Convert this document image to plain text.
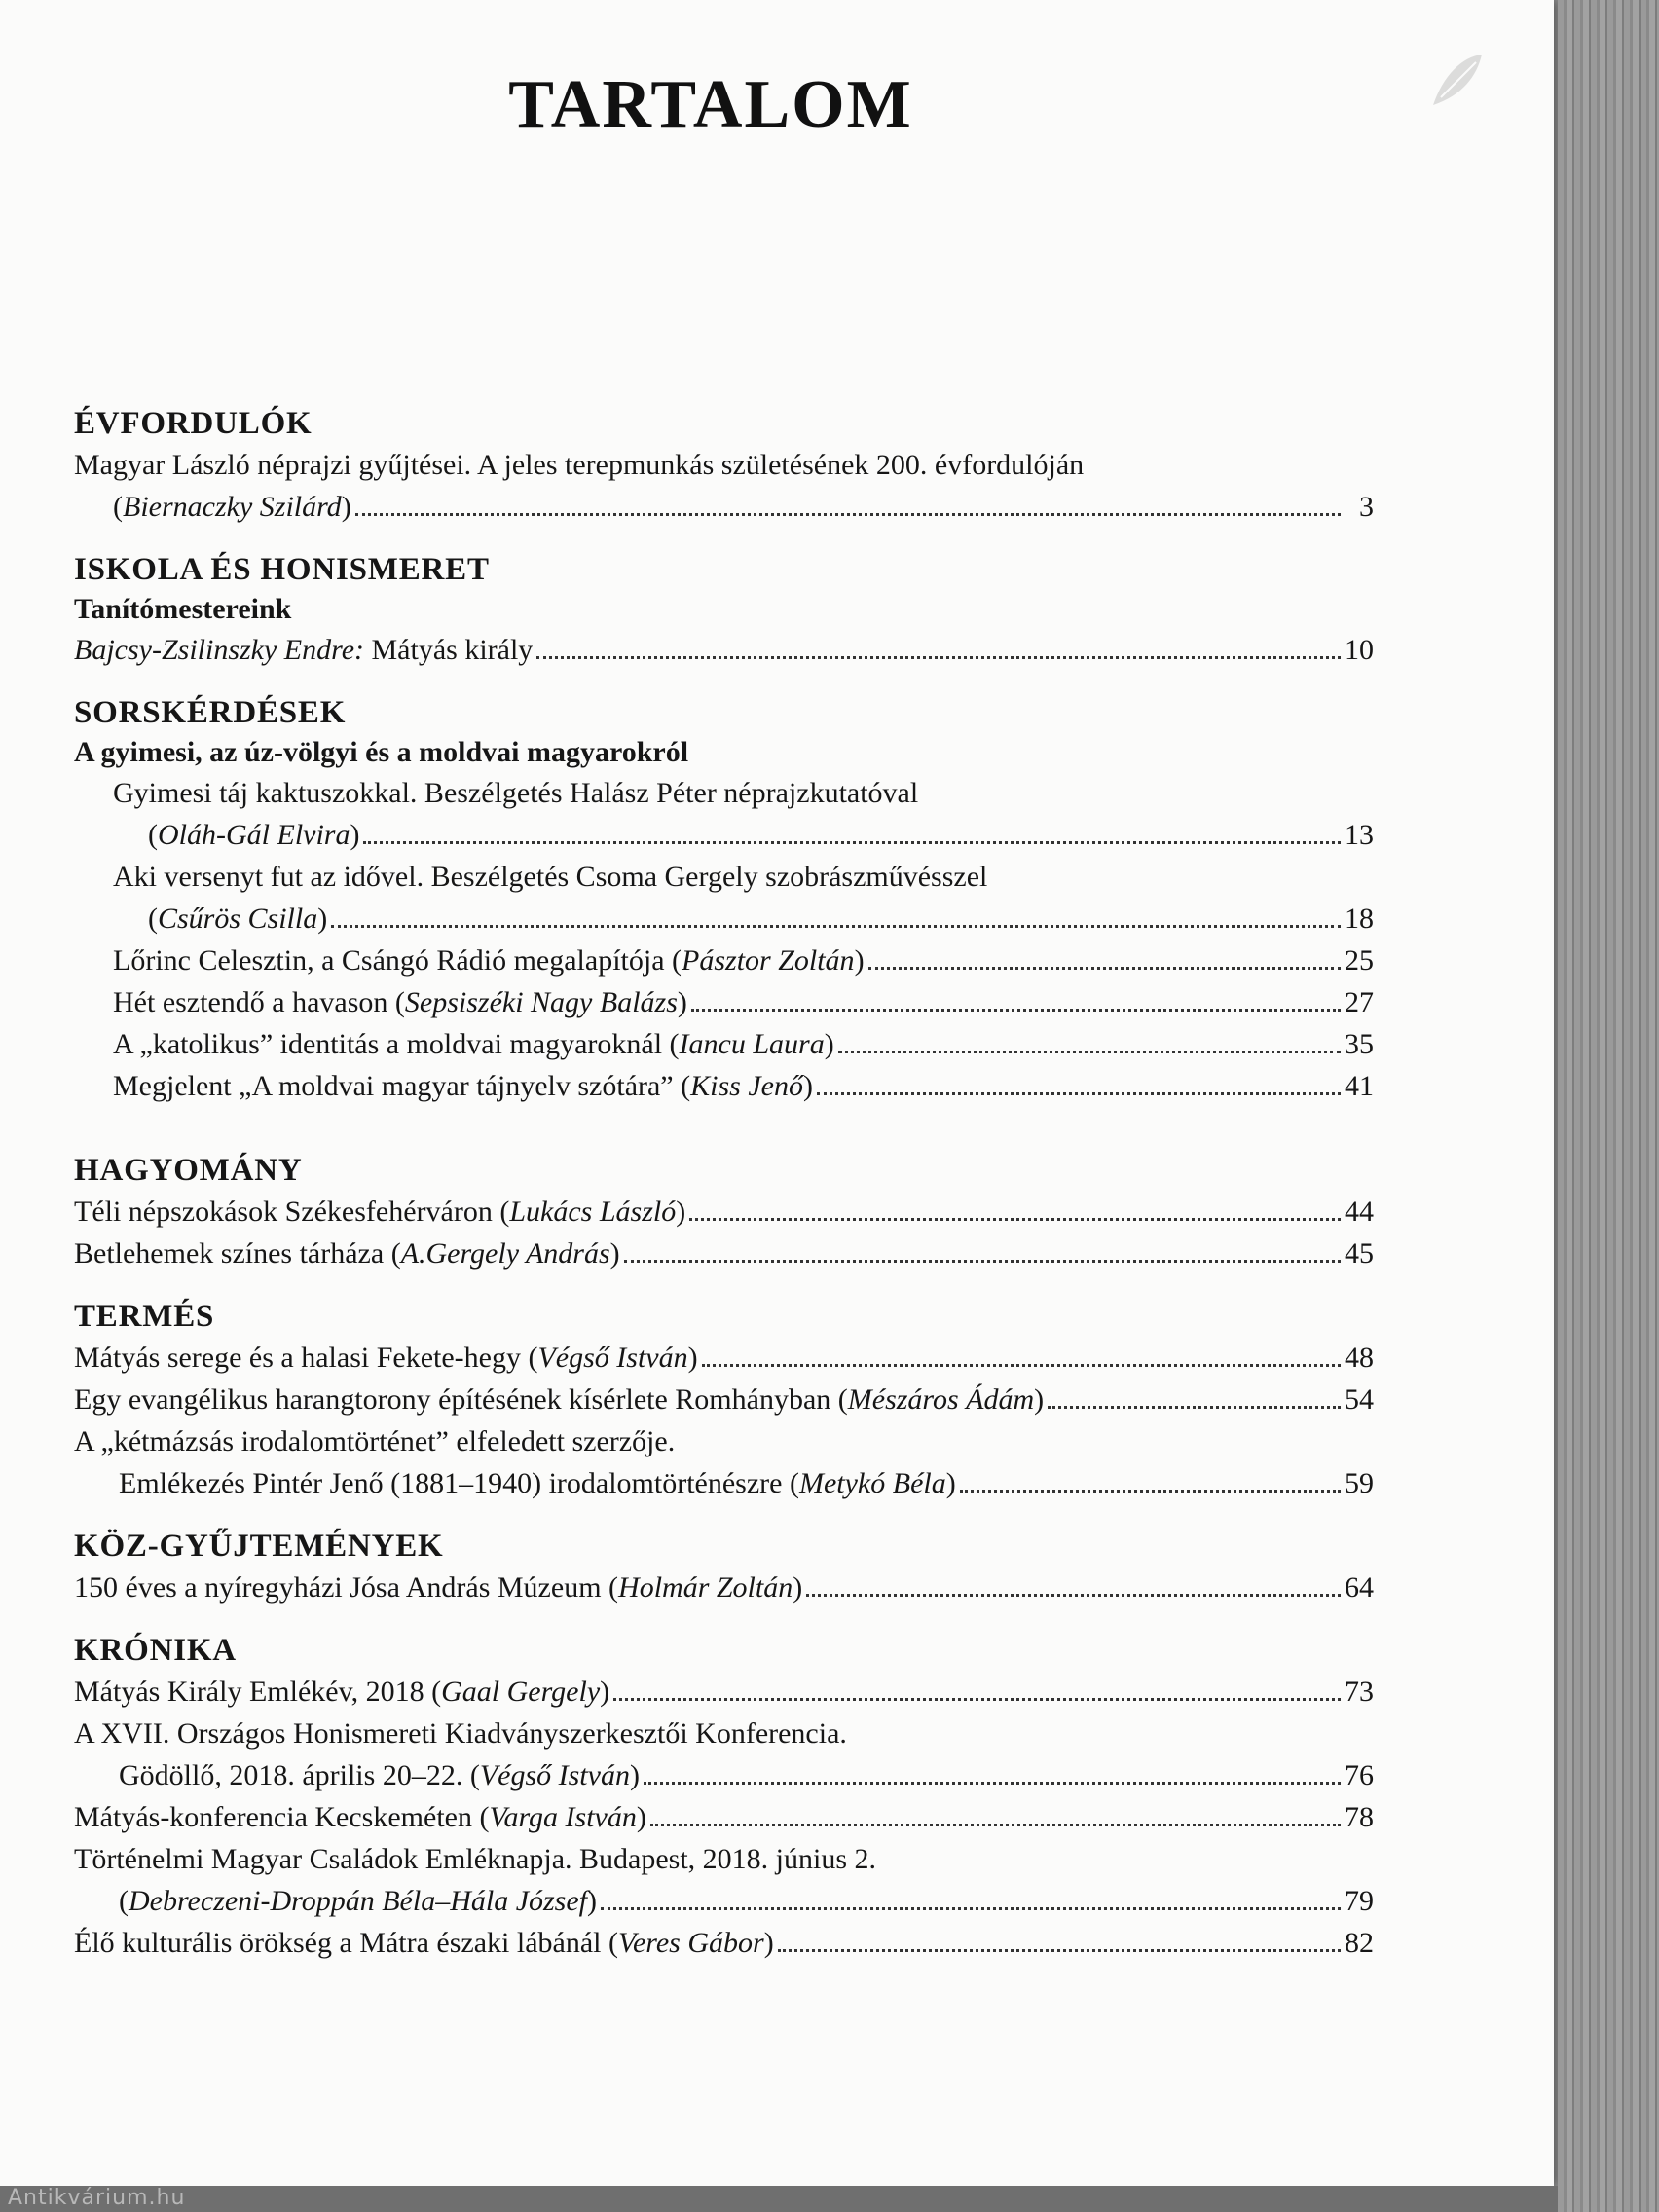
TARTALOM
ÉVFORDULÓK
Magyar László néprajzi gyűjtései. A jeles terepmunkás születésének 200. évfordulóján
(Biernaczky Szilárd)	3
ISKOLA ÉS HONISMERET
Tanítómestereink
Bajcsy-Zsilinszky Endre: Mátyás király	10
SORSKÉRDÉSEK
A gyimesi, az úz-völgyi és a moldvai magyarokról
Gyimesi táj kaktuszokkal. Beszélgetés Halász Péter néprajzkutatóval
(Oláh-Gál Elvira)	13
Aki versenyt fut az idővel. Beszélgetés Csoma Gergely szobrászművésszel
(Csűrös Csilla)	18
Lőrinc Celesztin, a Csángó Rádió megalapítója (Pásztor Zoltán)	25
Hét esztendő a havason (Sepsiszéki Nagy Balázs)	27
A „katolikus” identitás a moldvai magyaroknál (Iancu Laura)	35
Megjelent „A moldvai magyar tájnyelv szótára” (Kiss Jenő)	41
HAGYOMÁNY
Téli népszokások Székesfehérváron (Lukács László)	44
Betlehemek színes tárháza (A.Gergely András)	45
TERMÉS
Mátyás serege és a halasi Fekete-hegy (Végső István)	48
Egy evangélikus harangtorony építésének kísérlete Romhányban (Mészáros Ádám)	54
A „kétmázsás irodalomtörténet” elfeledett szerzője.
Emlékezés Pintér Jenő (1881–1940) irodalomtörténészre (Metykó Béla)	59
KÖZ-GYŰJTEMÉNYEK
150 éves a nyíregyházi Jósa András Múzeum (Holmár Zoltán)	64
KRÓNIKA
Mátyás Király Emlékév, 2018 (Gaal Gergely)	73
A XVII. Országos Honismereti Kiadványszerkesztői Konferencia.
Gödöllő, 2018. április 20–22. (Végső István)	76
Mátyás-konferencia Kecskeméten (Varga István)	78
Történelmi Magyar Családok Emléknapja. Budapest, 2018. június 2.
(Debreczeni-Droppán Béla–Hála József)	79
Élő kulturális örökség a Mátra északi lábánál (Veres Gábor)	82
Antikvárium.hu
